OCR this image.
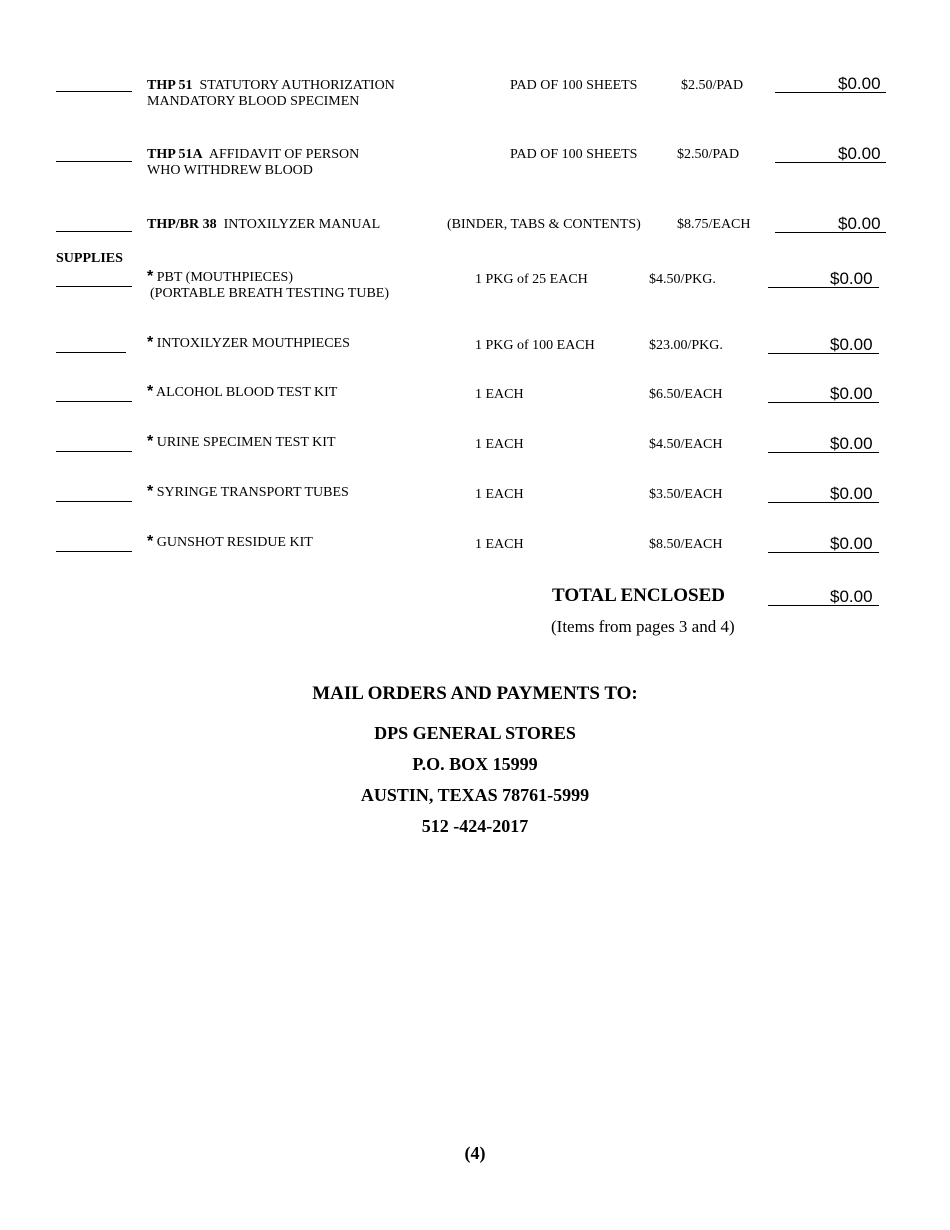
THP 51 STATUTORY AUTHORIZATION
MANDATORY BLOOD SPECIMEN
PAD OF 100 SHEETS	$2.50/PAD	$0.00
THP 51A AFFIDAVIT OF PERSON
WHO WITHDREW BLOOD
PAD OF 100 SHEETS	$2.50/PAD	$0.00
THP/BR 38 INTOXILYZER MANUAL	(BINDER, TABS & CONTENTS)	$8.75/EACH	$0.00
SUPPLIES
* PBT (MOUTHPIECES)
(PORTABLE BREATH TESTING TUBE)
1 PKG of 25 EACH	$4.50/PKG.	$0.00
* INTOXILYZER MOUTHPIECES	1 PKG of 100 EACH	$23.00/PKG.	$0.00
* ALCOHOL BLOOD TEST KIT	1 EACH	$6.50/EACH	$0.00
* URINE SPECIMEN TEST KIT	1 EACH	$4.50/EACH	$0.00
* SYRINGE TRANSPORT TUBES	1 EACH	$3.50/EACH	$0.00
* GUNSHOT RESIDUE KIT	1 EACH	$8.50/EACH	$0.00
TOTAL ENCLOSED	$0.00
(Items from pages 3 and 4)
MAIL ORDERS AND PAYMENTS TO:
DPS GENERAL STORES
P.O. BOX 15999
AUSTIN, TEXAS 78761-5999
512 -424-2017
(4)
